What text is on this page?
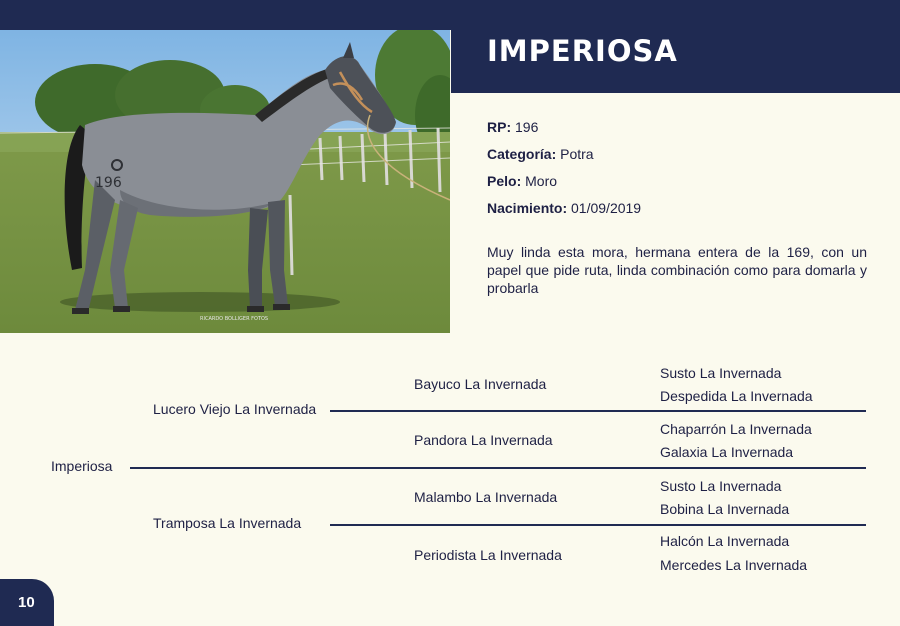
196
RICARDO BOLLIGER FOTOS
IMPERIOSA
RP: 196
Categoría: Potra
Pelo: Moro
Nacimiento: 01/09/2019
Muy linda esta mora, hermana entera de la 169, con un papel que pide ruta, linda combinación como para domarla y probarla
Imperiosa
Lucero Viejo La Invernada
Tramposa La Invernada
Bayuco La Invernada
Pandora La Invernada
Malambo La Invernada
Periodista La Invernada
Susto La Invernada
Despedida La Invernada
Chaparrón La Invernada
Galaxia La Invernada
Susto La Invernada
Bobina La Invernada
Halcón La Invernada
Mercedes La Invernada
10
